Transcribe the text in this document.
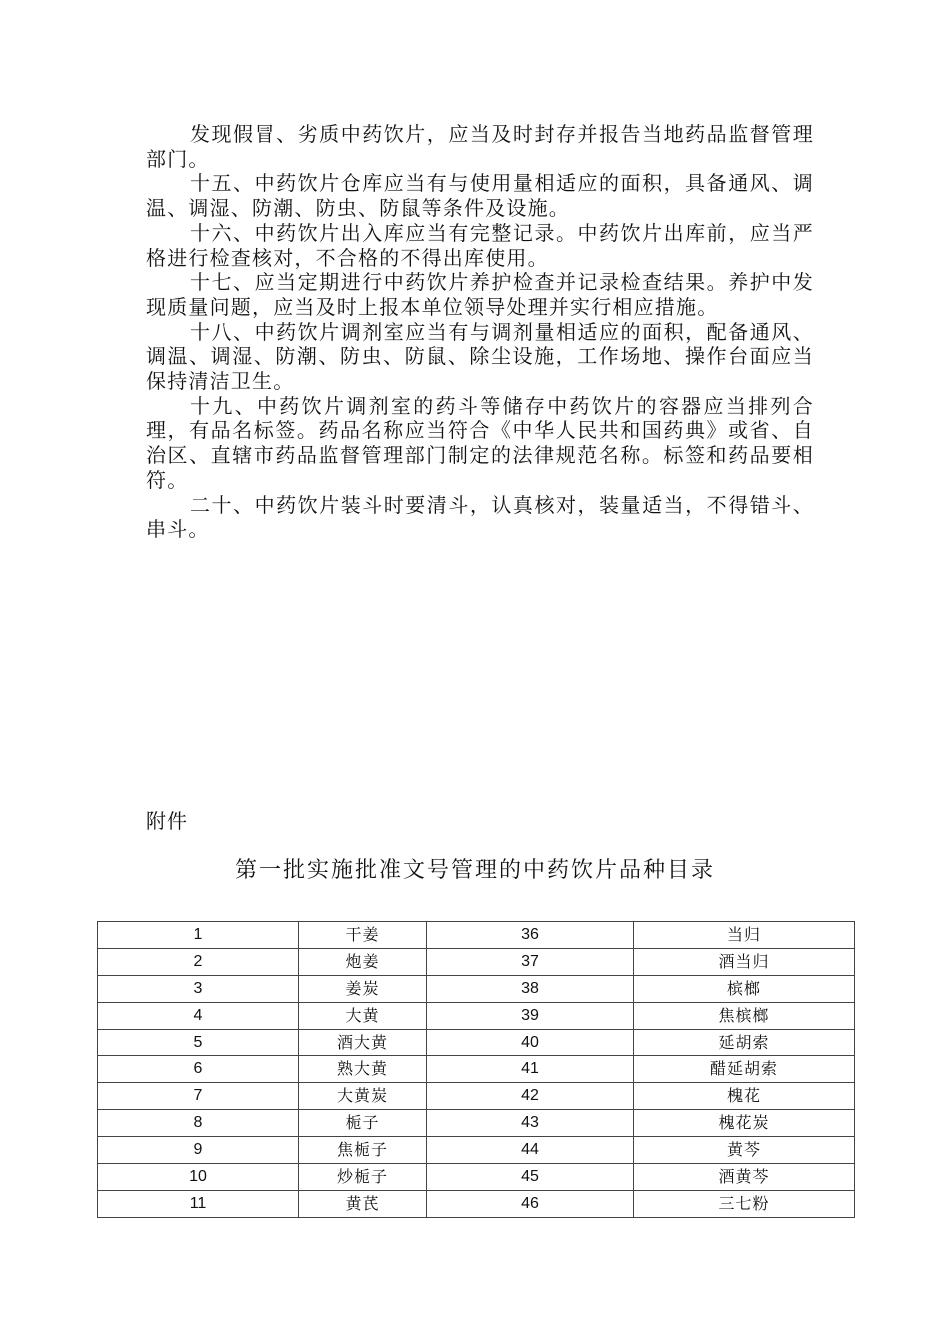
发现假冒、劣质中药饮片，应当及时封存并报告当地药品监督管理部门。

十五、中药饮片仓库应当有与使用量相适应的面积，具备通风、调温、调湿、防潮、防虫、防鼠等条件及设施。

十六、中药饮片出入库应当有完整记录。中药饮片出库前，应当严格进行检查核对，不合格的不得出库使用。

十七、应当定期进行中药饮片养护检查并记录检查结果。养护中发现质量问题，应当及时上报本单位领导处理并实行相应措施。

十八、中药饮片调剂室应当有与调剂量相适应的面积，配备通风、调温、调湿、防潮、防虫、防鼠、除尘设施，工作场地、操作台面应当保持清洁卫生。

十九、中药饮片调剂室的药斗等储存中药饮片的容器应当排列合理，有品名标签。药品名称应当符合《中华人民共和国药典》或省、自治区、直辖市药品监督管理部门制定的法律规范名称。标签和药品要相符。

二十、中药饮片装斗时要清斗，认真核对，装量适当，不得错斗、串斗。

附件
第一批实施批准文号管理的中药饮片品种目录
1	干姜	36	当归
2	炮姜	37	酒当归
3	姜炭	38	槟榔
4	大黄	39	焦槟榔
5	酒大黄	40	延胡索
6	熟大黄	41	醋延胡索
7	大黄炭	42	槐花
8	栀子	43	槐花炭
9	焦栀子	44	黄芩
10	炒栀子	45	酒黄芩
11	黄芪	46	三七粉
